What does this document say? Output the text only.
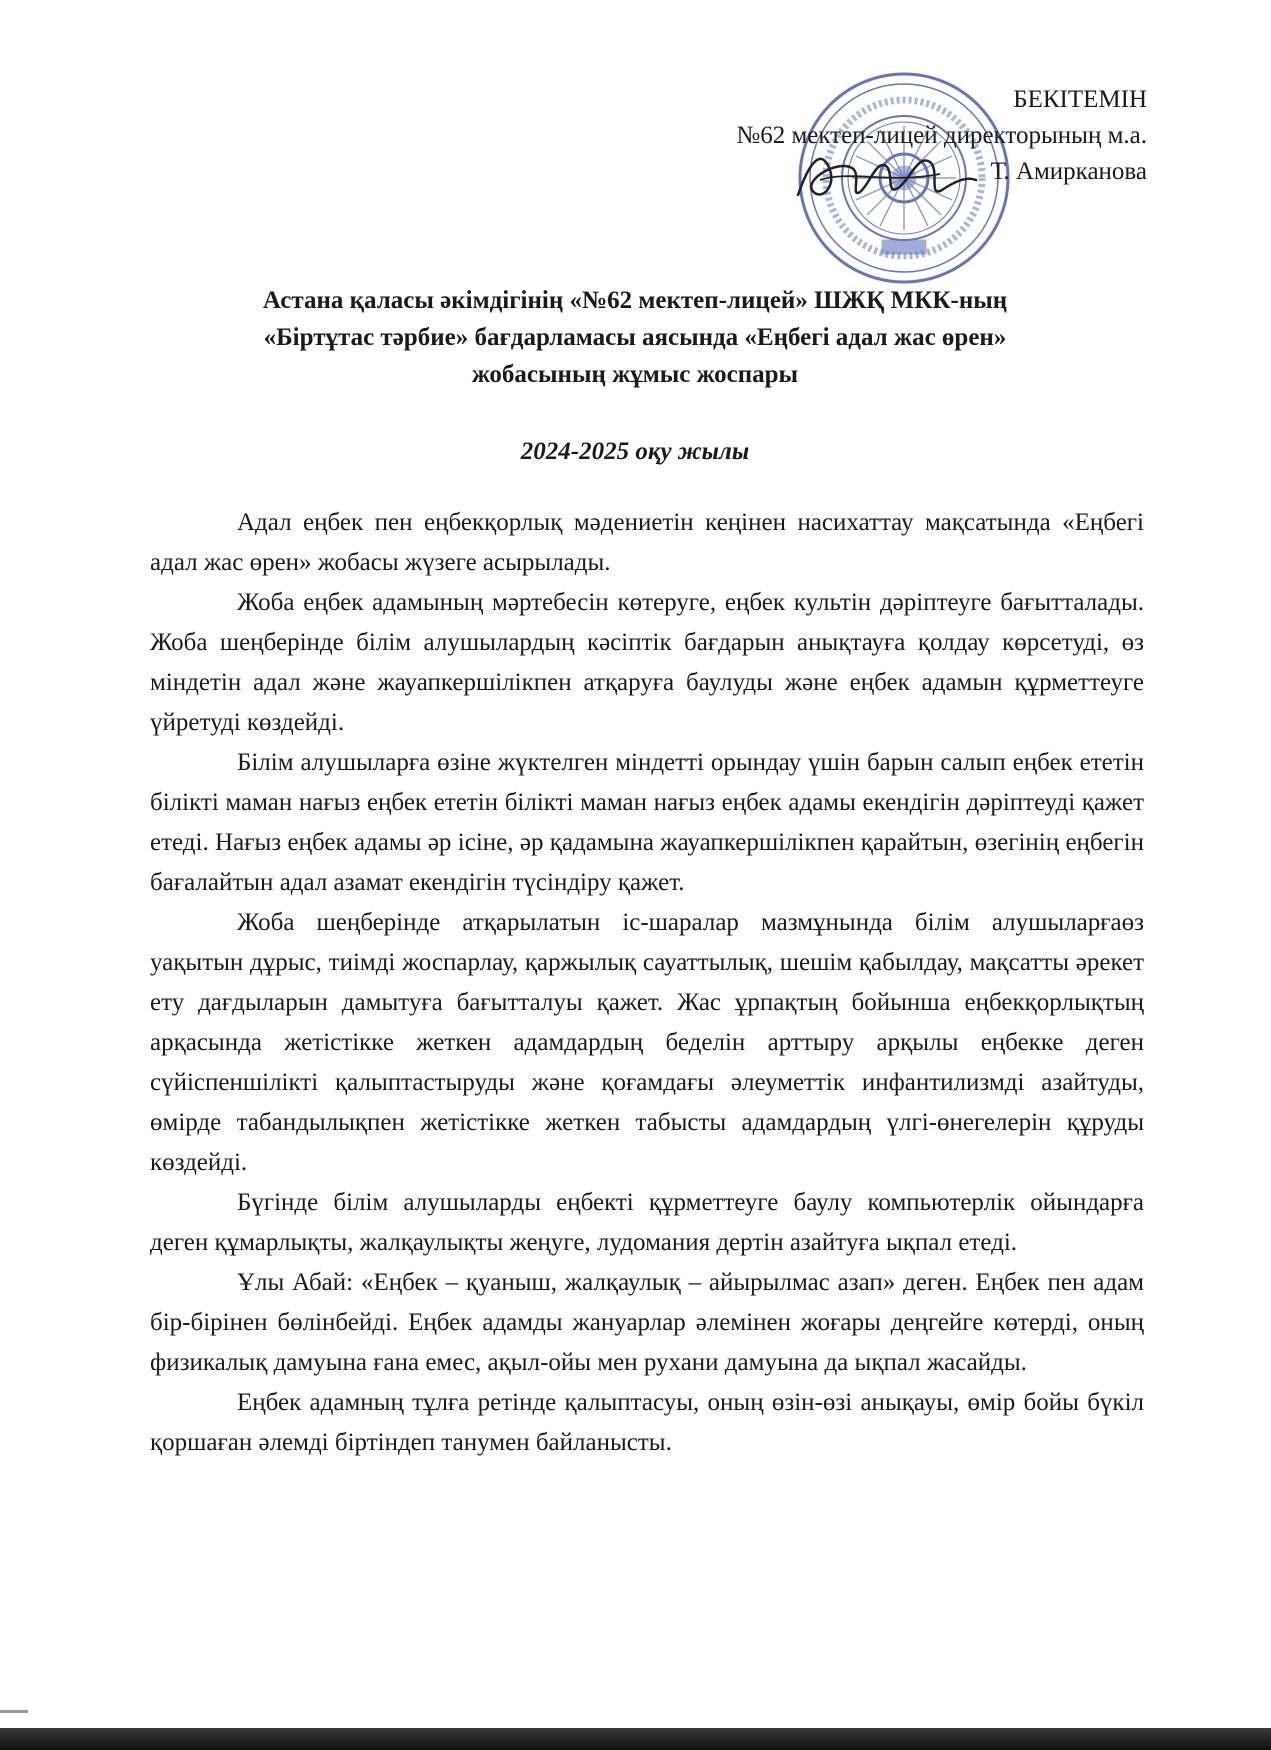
БЕКІТЕМІН
№62 мектеп-лицей директорының м.а.
Т. Амирканова
Астана қаласы әкімдігінің «№62 мектеп-лицей» ШЖҚ МКК-ның
«Біртұтас тәрбие» бағдарламасы аясында «Еңбегі адал жас өрен»
жобасының жұмыс жоспары
2024-2025 оқу жылы

Адал еңбек пен еңбекқорлық мәдениетін кеңінен насихаттау мақсатында «Еңбегі адал жас өрен» жобасы жүзеге асырылады.

Жоба еңбек адамының мәртебесін көтеруге, еңбек культін дәріптеуге бағытталады. Жоба шеңберінде білім алушылардың кәсіптік бағдарын анықтауға қолдау көрсетуді, өз міндетін адал және жауапкершілікпен атқаруға баулуды және еңбек адамын құрметтеуге үйретуді көздейді.

Білім алушыларға өзіне жүктелген міндетті орындау үшін барын салып еңбек ететін білікті маман нағыз еңбек ететін білікті маман нағыз еңбек адамы екендігін дәріптеуді қажет етеді. Нағыз еңбек адамы әр ісіне, әр қадамына жауапкершілікпен қарайтын, өзегінің еңбегін бағалайтын адал азамат екендігін түсіндіру қажет.

Жоба шеңберінде атқарылатын іс-шаралар мазмұнында білім алушыларғаөз уақытын дұрыс, тиімді жоспарлау, қаржылық сауаттылық, шешім қабылдау, мақсатты әрекет ету дағдыларын дамытуға бағытталуы қажет. Жас ұрпақтың бойынша еңбекқорлықтың арқасында жетістікке жеткен адамдардың беделін арттыру арқылы еңбекке деген сүйіспеншілікті қалыптастыруды және қоғамдағы әлеуметтік инфантилизмді азайтуды, өмірде табандылықпен жетістікке жеткен табысты адамдардың үлгі-өнегелерін құруды көздейді.

Бүгінде білім алушыларды еңбекті құрметтеуге баулу компьютерлік ойындарға деген құмарлықты, жалқаулықты жеңуге, лудомания дертін азайтуға ықпал етеді.

Ұлы Абай: «Еңбек – қуаныш, жалқаулық – айырылмас азап» деген. Еңбек пен адам бір-бірінен бөлінбейді. Еңбек адамды жануарлар әлемінен жоғары деңгейге көтерді, оның физикалық дамуына ғана емес, ақыл-ойы мен рухани дамуына да ықпал жасайды.

Еңбек адамның тұлға ретінде қалыптасуы, оның өзін-өзі анықауы, өмір бойы бүкіл қоршаған әлемді біртіндеп танумен байланысты.
